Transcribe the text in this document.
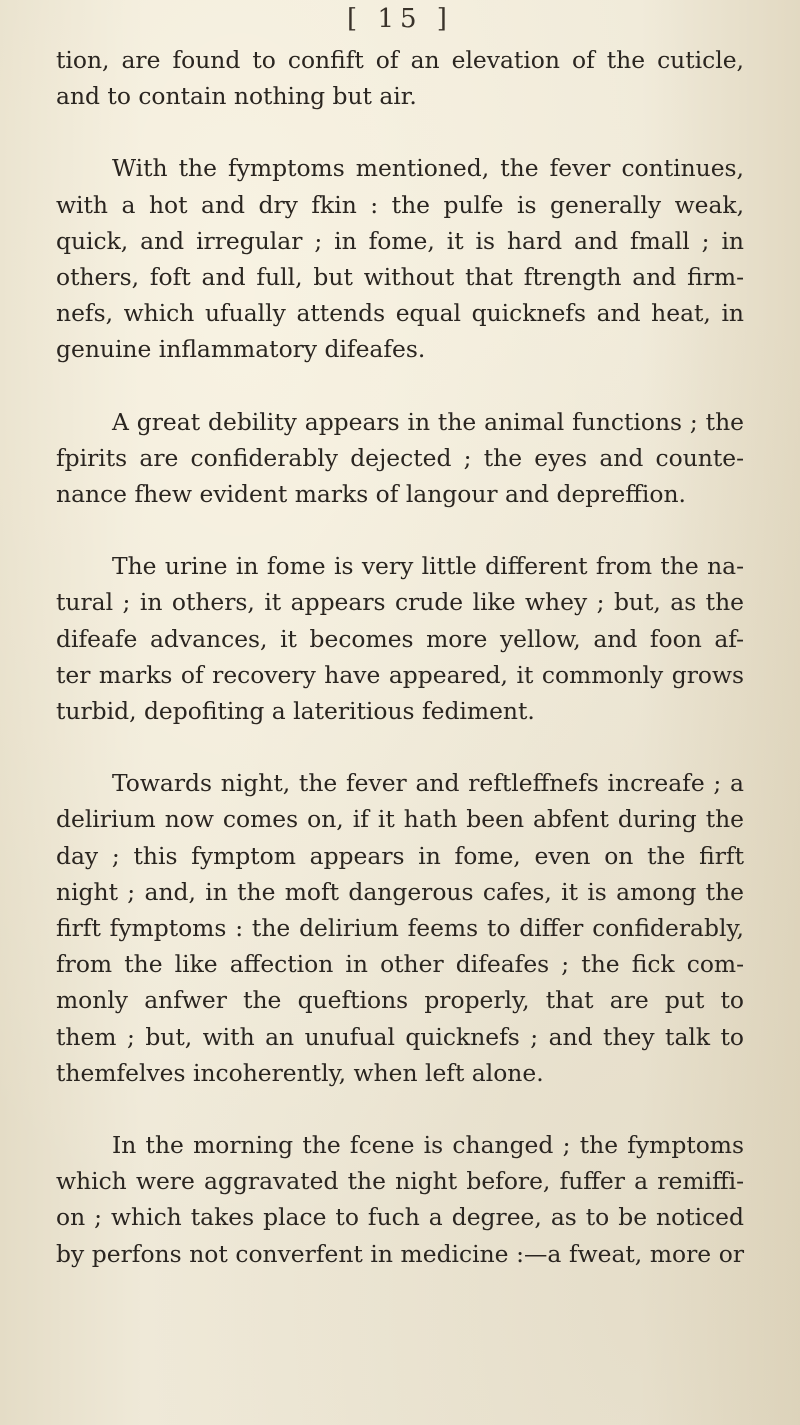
[ 15 ]
tion, are found to confift of an elevation of the cuticle,
and to contain nothing but air.
With the fymptoms mentioned, the fever continues,
with a hot and dry fkin : the pulfe is generally weak,
quick, and irregular ; in fome, it is hard and fmall ; in
others, foft and full, but without that ftrength and firm-
nefs, which ufually attends equal quicknefs and heat, in
genuine inflammatory difeafes.
A great debility appears in the animal functions ; the
fpirits are confiderably dejected ; the eyes and counte-
nance fhew evident marks of langour and depreffion.
The urine in fome is very little different from the na-
tural ; in others, it appears crude like whey ; but, as the
difeafe advances, it becomes more yellow, and foon af-
ter marks of recovery have appeared, it commonly grows
turbid, depofiting a lateritious fediment.
Towards night, the fever and reftleffnefs increafe ; a
delirium now comes on, if it hath been abfent during the
day ; this fymptom appears in fome, even on the firft
night ; and, in the moft dangerous cafes, it is among the
firft fymptoms : the delirium feems to differ confiderably,
from the like affection in other difeafes ; the fick com-
monly anfwer the queftions properly, that are put to
them ; but, with an unufual quicknefs ; and they talk to
themfelves incoherently, when left alone.
In the morning the fcene is changed ; the fymptoms
which were aggravated the night before, fuffer a remiffi-
on ; which takes place to fuch a degree, as to be noticed
by perfons not converfent in medicine :—a fweat, more or
